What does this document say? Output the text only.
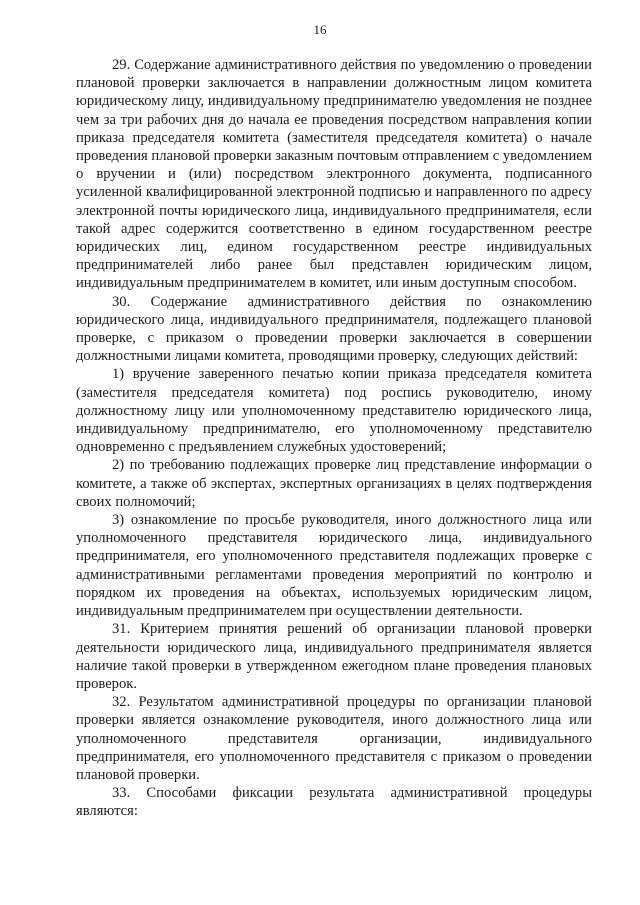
16

29. Содержание административного действия по уведомлению о проведении плановой проверки заключается в направлении должностным лицом комитета юридическому лицу, индивидуальному предпринимателю уведомления не позднее чем за три рабочих дня до начала ее проведения посредством направления копии приказа председателя комитета (заместителя председателя комитета) о начале проведения плановой проверки заказным почтовым отправлением с уведомлением о вручении и (или) посредством электронного документа, подписанного усиленной квалифицированной электронной подписью и направленного по адресу электронной почты юридического лица, индивидуального предпринимателя, если такой адрес содержится соответственно в едином государственном реестре юридических лиц, едином государственном реестре индивидуальных предпринимателей либо ранее был представлен юридическим лицом, индивидуальным предпринимателем в комитет, или иным доступным способом.

30. Содержание административного действия по ознакомлению юридического лица, индивидуального предпринимателя, подлежащего плановой проверке, с приказом о проведении проверки заключается в совершении должностными лицами комитета, проводящими проверку, следующих действий:

1) вручение заверенного печатью копии приказа председателя комитета (заместителя председателя комитета) под роспись руководителю, иному должностному лицу или уполномоченному представителю юридического лица, индивидуальному предпринимателю, его уполномоченному представителю одновременно с предъявлением служебных удостоверений;

2) по требованию подлежащих проверке лиц представление информации о комитете, а также об экспертах, экспертных организациях в целях подтверждения своих полномочий;

3) ознакомление по просьбе руководителя, иного должностного лица или уполномоченного представителя юридического лица, индивидуального предпринимателя, его уполномоченного представителя подлежащих проверке с административными регламентами проведения мероприятий по контролю и порядком их проведения на объектах, используемых юридическим лицом, индивидуальным предпринимателем при осуществлении деятельности.

31. Критерием принятия решений об организации плановой проверки деятельности юридического лица, индивидуального предпринимателя является наличие такой проверки в утвержденном ежегодном плане проведения плановых проверок.

32. Результатом административной процедуры по организации плановой проверки является ознакомление руководителя, иного должностного лица или уполномоченного представителя организации, индивидуального предпринимателя, его уполномоченного представителя с приказом о проведении плановой проверки.

33. Способами фиксации результата административной процедуры являются:
